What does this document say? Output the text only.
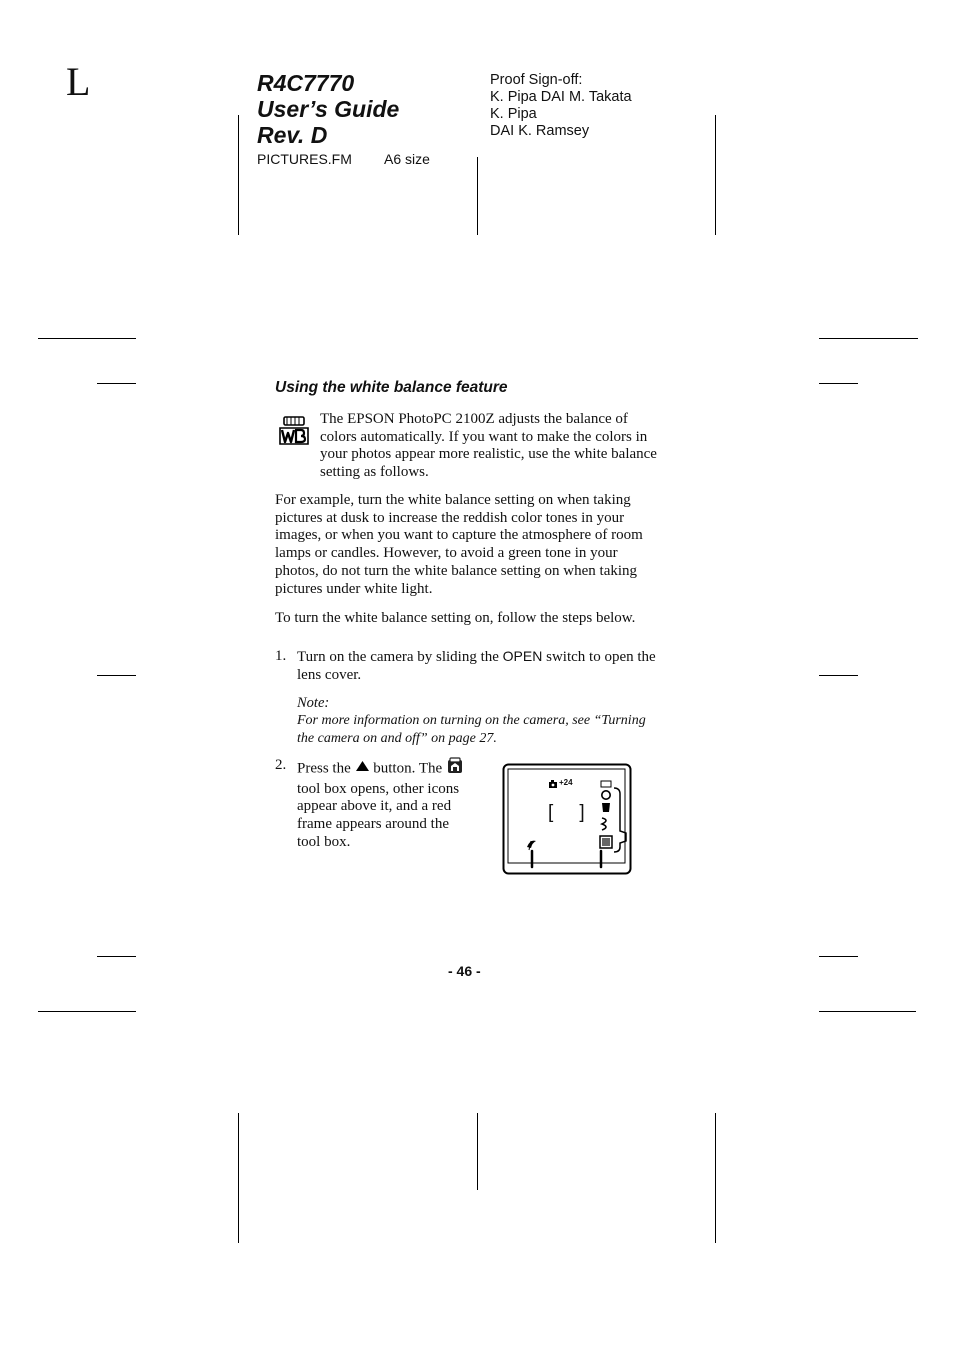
L	R4C7770
User’s Guide
Rev. D
PICTURES.FM A6 size
Proof Sign-off:
K. Pipa DAI M. Takata
K. Pipa
DAI K. Ramsey
Using the white balance feature
The EPSON PhotoPC 2100Z adjusts the balance of colors automatically. If you want to make the colors in your photos appear more realistic, use the white balance setting as follows.
For example, turn the white balance setting on when taking pictures at dusk to increase the reddish color tones in your images, or when you want to capture the atmosphere of room lamps or candles. However, to avoid a green tone in your photos, do not turn the white balance setting on when taking pictures under white light.
To turn the white balance setting on, follow the steps below.
1. Turn on the camera by sliding the OPEN switch to open the lens cover.
Note:
For more information on turning on the camera, see “Turning the camera on and off” on page 27.
2. Press the button. The  tool box opens, other icons appear above it, and a red frame appears around the tool box.
+24
[    ]
- 46 -
